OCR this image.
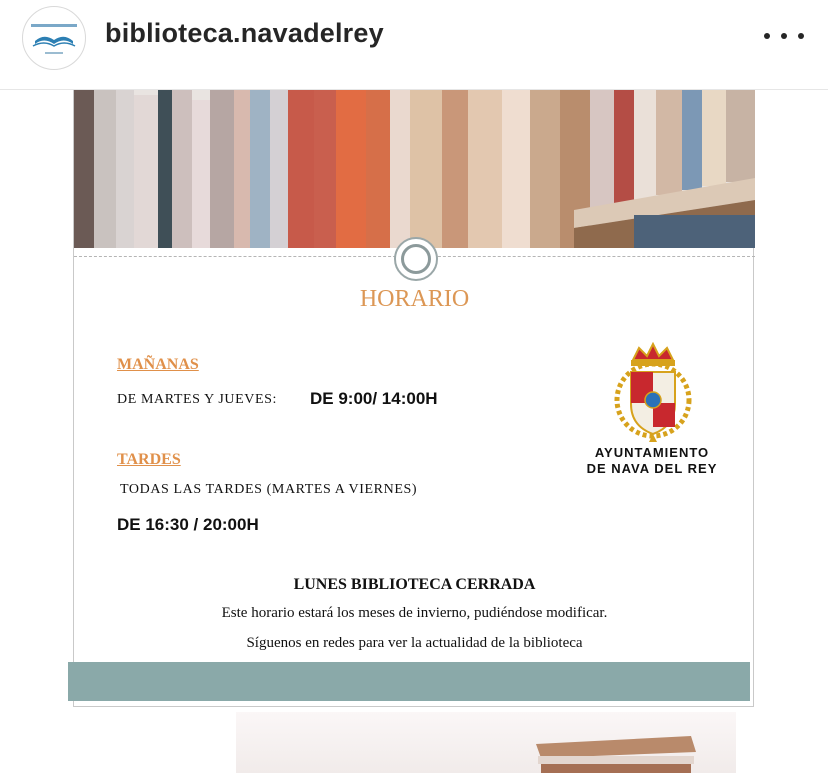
biblioteca.navadelrey
HORARIO
MAÑANAS
DE MARTES Y JUEVES: DE 9:00/ 14:00H
TARDES
TODAS LAS TARDES (MARTES A VIERNES)
DE 16:30 / 20:00H
AYUNTAMIENTO
DE NAVA DEL REY
LUNES BIBLIOTECA CERRADA
Este horario estará los meses de invierno, pudiéndose modificar.
Síguenos en redes para ver la actualidad de la biblioteca
